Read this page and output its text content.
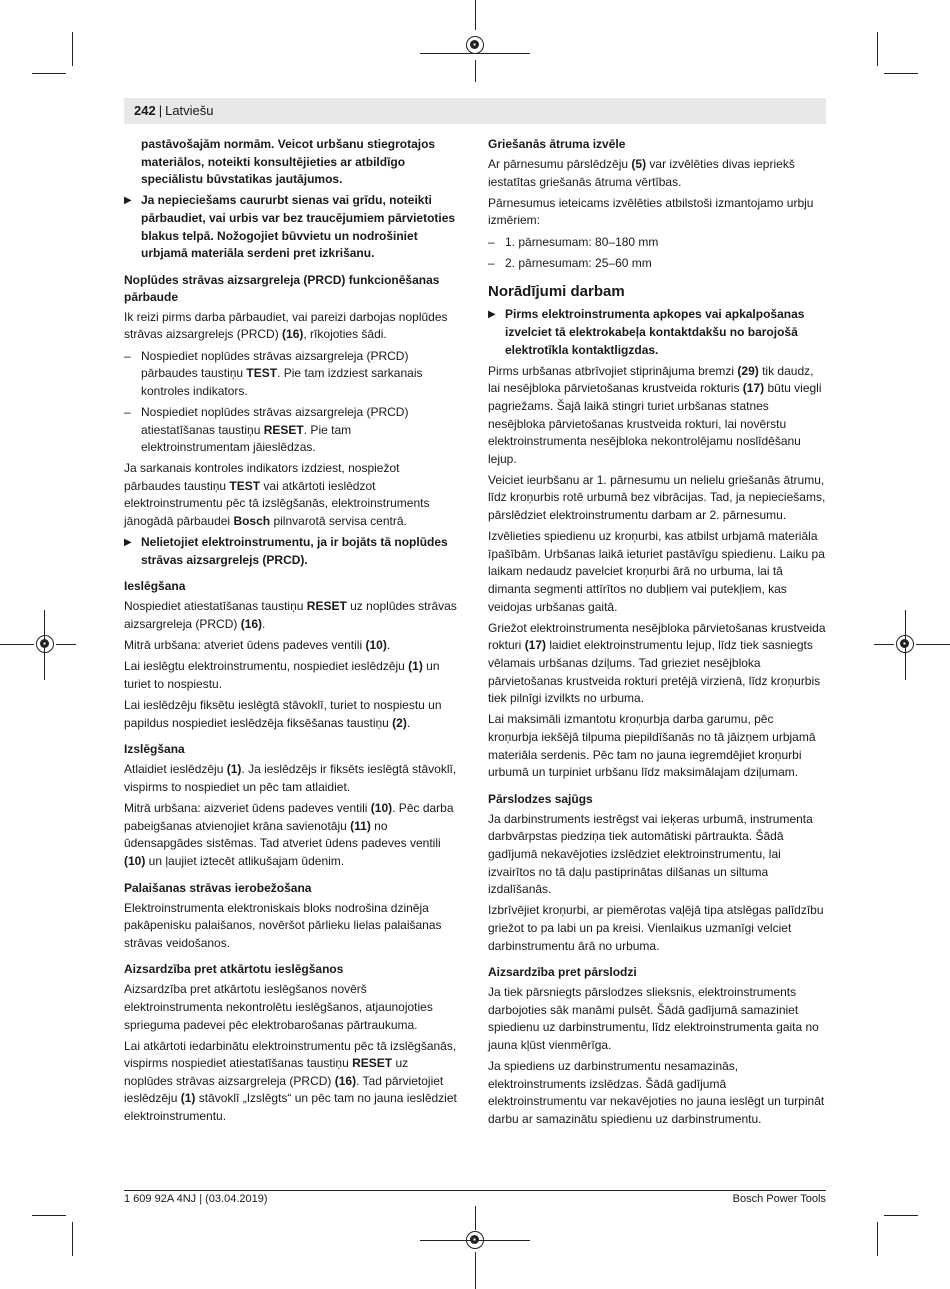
242 | Latviešu

pastāvošajām normām. Veicot urbšanu stiegrotajos materiālos, noteikti konsultējieties ar atbildīgo speciālistu būvstatikas jautājumos.

▶ Ja nepieciešams caururbt sienas vai grīdu, noteikti pārbaudiet, vai urbis var bez traucējumiem pārvietoties blakus telpā. Nožogojiet būvvietu un nodrošiniet urbjamā materiāla serdeni pret izkrišanu.

Noplūdes strāvas aizsargreleja (PRCD) funkcionēšanas pārbaude

Ik reizi pirms darba pārbaudiet, vai pareizi darbojas noplūdes strāvas aizsargrelejs (PRCD) (16), rīkojoties šādi.

– Nospiediet noplūdes strāvas aizsargreleja (PRCD) pārbaudes taustiņu TEST. Pie tam izdziest sarkanais kontroles indikators.

– Nospiediet noplūdes strāvas aizsargreleja (PRCD) atiestatīšanas taustiņu RESET. Pie tam elektroinstrumentam jāieslēdzas.

Ja sarkanais kontroles indikators izdziest, nospiežot pārbaudes taustiņu TEST vai atkārtoti ieslēdzot elektroinstrumentu pēc tā izslēgšanās, elektroinstruments jānogādā pārbaudei Bosch pilnvarotā servisa centrā.

▶ Nelietojiet elektroinstrumentu, ja ir bojāts tā noplūdes strāvas aizsargrelejs (PRCD).

Ieslēgšana

Nospiediet atiestatīšanas taustiņu RESET uz noplūdes strāvas aizsargreleja (PRCD) (16).

Mitrā urbšana: atveriet ūdens padeves ventili (10).

Lai ieslēgtu elektroinstrumentu, nospiediet ieslēdzēju (1) un turiet to nospiestu.

Lai ieslēdzēju fiksētu ieslēgtā stāvoklī, turiet to nospiestu un papildus nospiediet ieslēdzēja fiksēšanas taustiņu (2).

Izslēgšana

Atlaidiet ieslēdzēju (1). Ja ieslēdzējs ir fiksēts ieslēgtā stāvoklī, vispirms to nospiediet un pēc tam atlaidiet.

Mitrā urbšana: aizveriet ūdens padeves ventili (10). Pēc darba pabeigšanas atvienojiet krāna savienotāju (11) no ūdensapgādes sistēmas. Tad atveriet ūdens padeves ventili (10) un ļaujiet iztecēt atlikušajam ūdenim.

Palaišanas strāvas ierobežošana

Elektroinstrumenta elektroniskais bloks nodrošina dzinēja pakāpenisku palaišanos, novēršot pārlieku lielas palaišanas strāvas veidošanos.

Aizsardzība pret atkārtotu ieslēgšanos

Aizsardzība pret atkārtotu ieslēgšanos novērš elektroinstrumenta nekontrolētu ieslēgšanos, atjaunojoties sprieguma padevei pēc elektrobarošanas pārtraukuma.

Lai atkārtoti iedarbinātu elektroinstrumentu pēc tā izslēgšanās, vispirms nospiediet atiestatīšanas taustiņu RESET uz noplūdes strāvas aizsargreleja (PRCD) (16). Tad pārvietojiet ieslēdzēju (1) stāvoklī „Izslēgts“ un pēc tam no jauna ieslēdziet elektroinstrumentu.

Griešanās ātruma izvēle

Ar pārnesumu pārslēdzēju (5) var izvēlēties divas iepriekš iestatītas griešanās ātruma vērtības.

Pārnesumus ieteicams izvēlēties atbilstoši izmantojamo urbju izmēriem:

– 1. pārnesumam: 80–180 mm

– 2. pārnesumam: 25–60 mm

Norādījumi darbam

▶ Pirms elektroinstrumenta apkopes vai apkalpošanas izvelciet tā elektrokabeļa kontaktdakšu no barojošā elektrotīkla kontaktligzdas.

Pirms urbšanas atbrīvojiet stiprinājuma bremzi (29) tik daudz, lai nesējbloka pārvietošanas krustveida rokturis (17) būtu viegli pagriežams. Šajā laikā stingri turiet urbšanas statnes nesējbloka pārvietošanas krustveida rokturi, lai novērstu elektroinstrumenta nesējbloka nekontrolējamu noslīdēšanu lejup.

Veiciet ieurbšanu ar 1. pārnesumu un nelielu griešanās ātrumu, līdz kroņurbis rotē urbumā bez vibrācijas. Tad, ja nepieciešams, pārslēdziet elektroinstrumentu darbam ar 2. pārnesumu.

Izvēlieties spiedienu uz kroņurbi, kas atbilst urbjamā materiāla īpašībām. Urbšanas laikā ieturiet pastāvīgu spiedienu. Laiku pa laikam nedaudz pavelciet kroņurbi ārā no urbuma, lai tā dimanta segmenti attīrītos no dubļiem vai putekļiem, kas veidojas urbšanas gaitā.

Griežot elektroinstrumenta nesējbloka pārvietošanas krustveida rokturi (17) laidiet elektroinstrumentu lejup, līdz tiek sasniegts vēlamais urbšanas dziļums. Tad grieziet nesējbloka pārvietošanas krustveida rokturi pretējā virzienā, līdz kroņurbis tiek pilnīgi izvilkts no urbuma.

Lai maksimāli izmantotu kroņurbja darba garumu, pēc kroņurbja iekšējā tilpuma piepildīšanās no tā jāizņem urbjamā materiāla serdenis. Pēc tam no jauna iegremdējiet kroņurbi urbumā un turpiniet urbšanu līdz maksimālajam dziļumam.

Pārslodzes sajūgs

Ja darbinstruments iestrēgst vai ieķeras urbumā, instrumenta darbvārpstas piedziņa tiek automātiski pārtraukta. Šādā gadījumā nekavējoties izslēdziet elektroinstrumentu, lai izvairītos no tā daļu pastiprinātas dilšanas un siltuma izdalīšanās.

Izbrīvējiet kroņurbi, ar piemērotas vaļējā tipa atslēgas palīdzību griežot to pa labi un pa kreisi. Vienlaikus uzmanīgi velciet darbinstrumentu ārā no urbuma.

Aizsardzība pret pārslodzi

Ja tiek pārsniegts pārslodzes slieksnis, elektroinstruments darbojoties sāk manāmi pulsēt. Šādā gadījumā samaziniet spiedienu uz darbinstrumentu, līdz elektroinstrumenta gaita no jauna kļūst vienmērīga.

Ja spiediens uz darbinstrumentu nesamazinās, elektroinstruments izslēdzas. Šādā gadījumā elektroinstrumentu var nekavējoties no jauna ieslēgt un turpināt darbu ar samazinātu spiedienu uz darbinstrumentu.

1 609 92A 4NJ | (03.04.2019)	Bosch Power Tools
